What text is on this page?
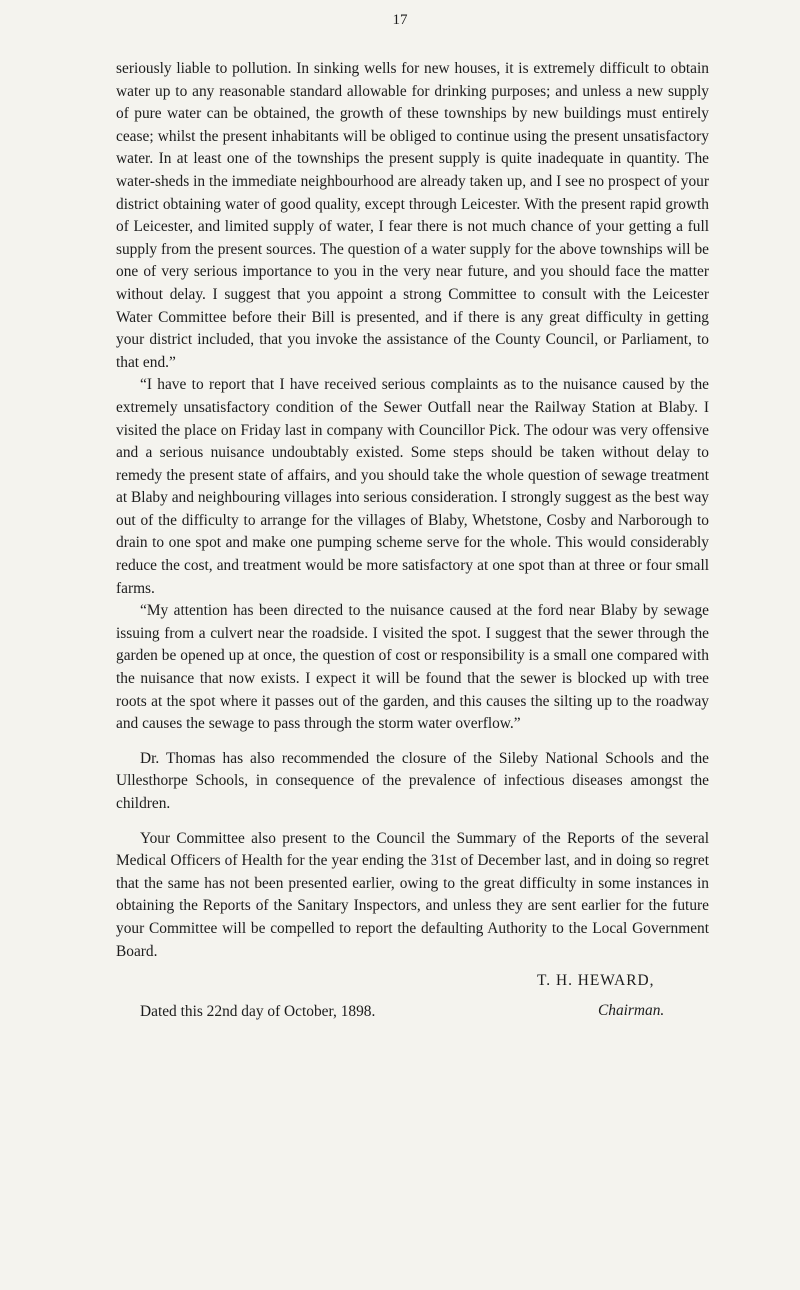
17

seriously liable to pollution. In sinking wells for new houses, it is extremely difficult to obtain water up to any reasonable standard allowable for drinking purposes; and unless a new supply of pure water can be obtained, the growth of these townships by new buildings must entirely cease; whilst the present inhabitants will be obliged to continue using the present unsatisfactory water. In at least one of the townships the present supply is quite inadequate in quantity. The water-sheds in the immediate neighbourhood are already taken up, and I see no prospect of your district obtaining water of good quality, except through Leicester. With the present rapid growth of Leicester, and limited supply of water, I fear there is not much chance of your getting a full supply from the present sources. The question of a water supply for the above townships will be one of very serious importance to you in the very near future, and you should face the matter without delay. I suggest that you appoint a strong Committee to consult with the Leicester Water Committee before their Bill is presented, and if there is any great difficulty in getting your district included, that you invoke the assistance of the County Council, or Parliament, to that end.”

“I have to report that I have received serious complaints as to the nuisance caused by the extremely unsatisfactory condition of the Sewer Outfall near the Railway Station at Blaby. I visited the place on Friday last in company with Councillor Pick. The odour was very offensive and a serious nuisance undoubtably existed. Some steps should be taken without delay to remedy the present state of affairs, and you should take the whole question of sewage treatment at Blaby and neighbouring villages into serious consideration. I strongly suggest as the best way out of the difficulty to arrange for the villages of Blaby, Whetstone, Cosby and Narborough to drain to one spot and make one pumping scheme serve for the whole. This would considerably reduce the cost, and treatment would be more satisfactory at one spot than at three or four small farms.

“My attention has been directed to the nuisance caused at the ford near Blaby by sewage issuing from a culvert near the roadside. I visited the spot. I suggest that the sewer through the garden be opened up at once, the question of cost or responsibility is a small one compared with the nuisance that now exists. I expect it will be found that the sewer is blocked up with tree roots at the spot where it passes out of the garden, and this causes the silting up to the roadway and causes the sewage to pass through the storm water overflow.”

Dr. Thomas has also recommended the closure of the Sileby National Schools and the Ullesthorpe Schools, in consequence of the prevalence of infectious diseases amongst the children.

Your Committee also present to the Council the Summary of the Reports of the several Medical Officers of Health for the year ending the 31st of December last, and in doing so regret that the same has not been presented earlier, owing to the great difficulty in some instances in obtaining the Reports of the Sanitary Inspectors, and unless they are sent earlier for the future your Committee will be compelled to report the defaulting Authority to the Local Government Board.

Dated this 22nd day of October, 1898.

T. H. HEWARD,
Chairman.
